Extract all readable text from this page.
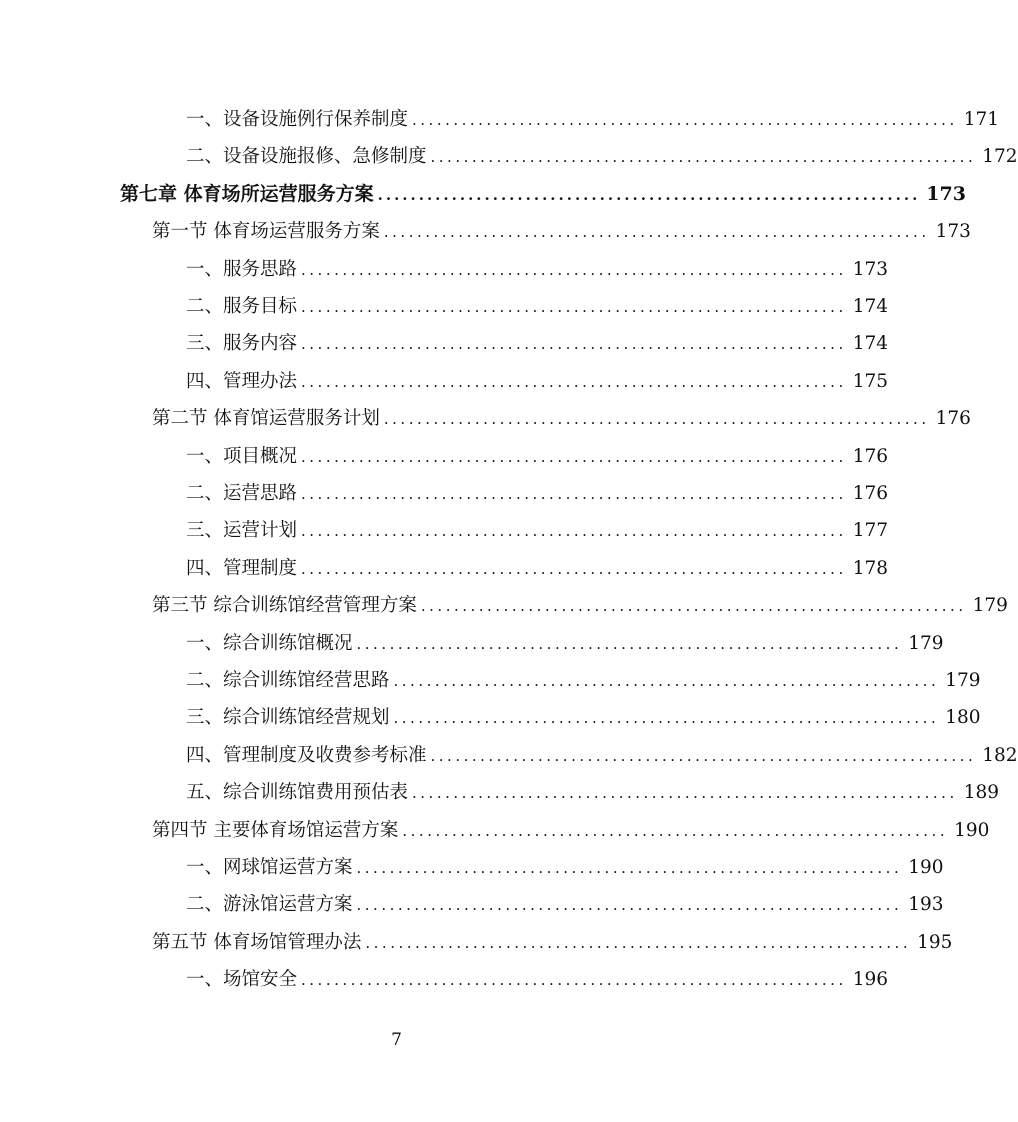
一、设备设施例行保养制度 .................................................................. 171
二、设备设施报修、急修制度 .................................................................. 172
第七章 体育场所运营服务方案 .................................................................. 173
第一节 体育场运营服务方案 .................................................................. 173
一、服务思路 .................................................................. 173
二、服务目标 .................................................................. 174
三、服务内容 .................................................................. 174
四、管理办法 .................................................................. 175
第二节 体育馆运营服务计划 .................................................................. 176
一、项目概况 .................................................................. 176
二、运营思路 .................................................................. 176
三、运营计划 .................................................................. 177
四、管理制度 .................................................................. 178
第三节 综合训练馆经营管理方案 .................................................................. 179
一、综合训练馆概况 .................................................................. 179
二、综合训练馆经营思路 .................................................................. 179
三、综合训练馆经营规划 .................................................................. 180
四、管理制度及收费参考标准 .................................................................. 182
五、综合训练馆费用预估表 .................................................................. 189
第四节 主要体育场馆运营方案 .................................................................. 190
一、网球馆运营方案 .................................................................. 190
二、游泳馆运营方案 .................................................................. 193
第五节 体育场馆管理办法 .................................................................. 195
一、场馆安全 .................................................................. 196
7
